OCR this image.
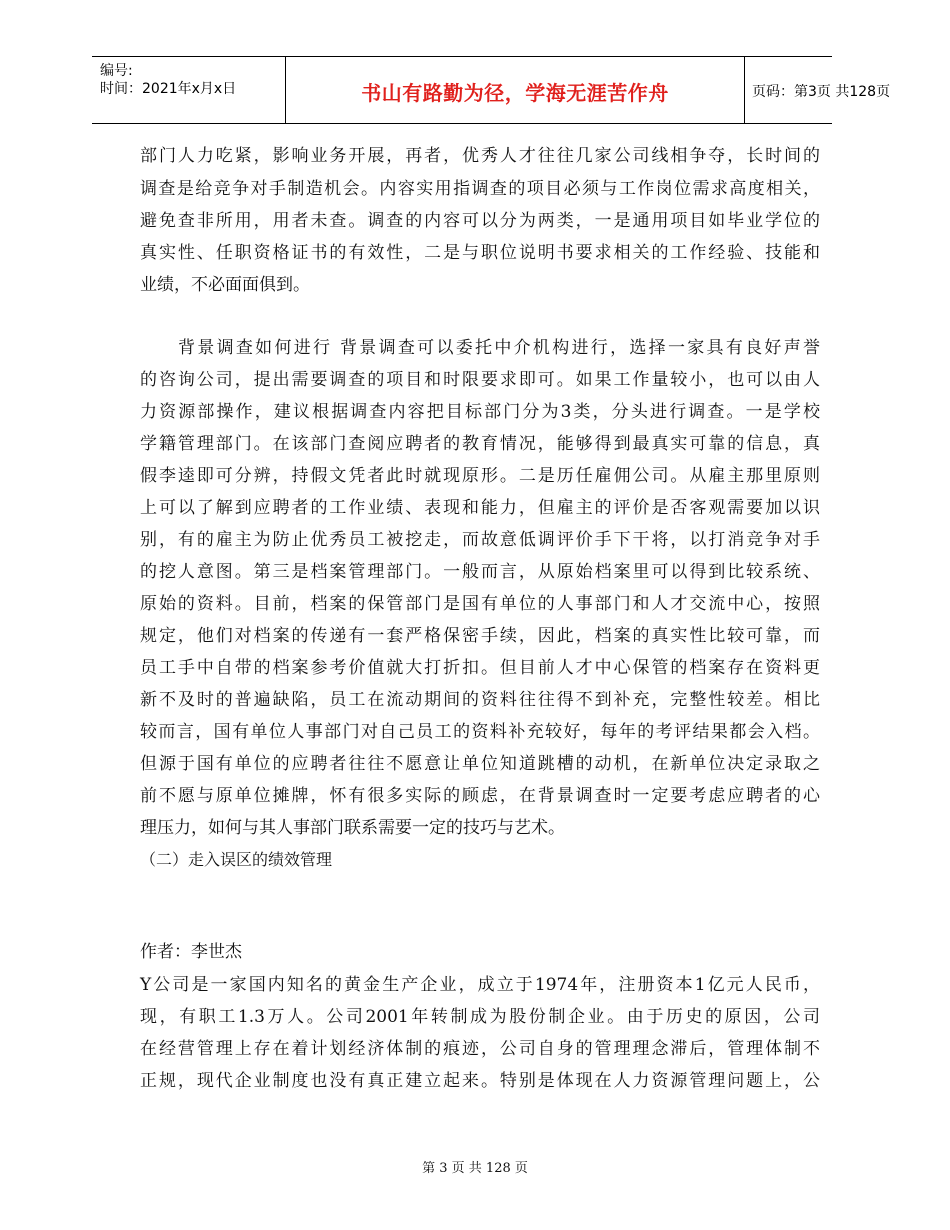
编号:
时间：2021年x月x日	书山有路勤为径，学海无涯苦作舟	页码：第3页 共128页
部门人力吃紧，影响业务开展，再者，优秀人才往往几家公司线相争夺，长时间的
调查是给竞争对手制造机会。内容实用指调查的项目必须与工作岗位需求高度相关，
避免查非所用，用者未查。调查的内容可以分为两类，一是通用项目如毕业学位的
真实性、任职资格证书的有效性，二是与职位说明书要求相关的工作经验、技能和
业绩，不必面面俱到。
背景调查如何进行 背景调查可以委托中介机构进行，选择一家具有良好声誉
的咨询公司，提出需要调查的项目和时限要求即可。如果工作量较小，也可以由人
力资源部操作，建议根据调查内容把目标部门分为3类，分头进行调查。一是学校
学籍管理部门。在该部门查阅应聘者的教育情况，能够得到最真实可靠的信息，真
假李逵即可分辨，持假文凭者此时就现原形。二是历任雇佣公司。从雇主那里原则
上可以了解到应聘者的工作业绩、表现和能力，但雇主的评价是否客观需要加以识
别，有的雇主为防止优秀员工被挖走，而故意低调评价手下干将，以打消竞争对手
的挖人意图。第三是档案管理部门。一般而言，从原始档案里可以得到比较系统、
原始的资料。目前，档案的保管部门是国有单位的人事部门和人才交流中心，按照
规定，他们对档案的传递有一套严格保密手续，因此，档案的真实性比较可靠，而
员工手中自带的档案参考价值就大打折扣。但目前人才中心保管的档案存在资料更
新不及时的普遍缺陷，员工在流动期间的资料往往得不到补充，完整性较差。相比
较而言，国有单位人事部门对自己员工的资料补充较好，每年的考评结果都会入档。
但源于国有单位的应聘者往往不愿意让单位知道跳槽的动机，在新单位决定录取之
前不愿与原单位摊牌，怀有很多实际的顾虑，在背景调查时一定要考虑应聘者的心
理压力，如何与其人事部门联系需要一定的技巧与艺术。
（二）走入误区的绩效管理
作者：李世杰
Y公司是一家国内知名的黄金生产企业，成立于1974年，注册资本1亿元人民币，
现，有职工1.3万人。公司2001年转制成为股份制企业。由于历史的原因，公司
在经营管理上存在着计划经济体制的痕迹，公司自身的管理理念滞后，管理体制不
正规，现代企业制度也没有真正建立起来。特别是体现在人力资源管理问题上，公
第 3 页 共 128 页
